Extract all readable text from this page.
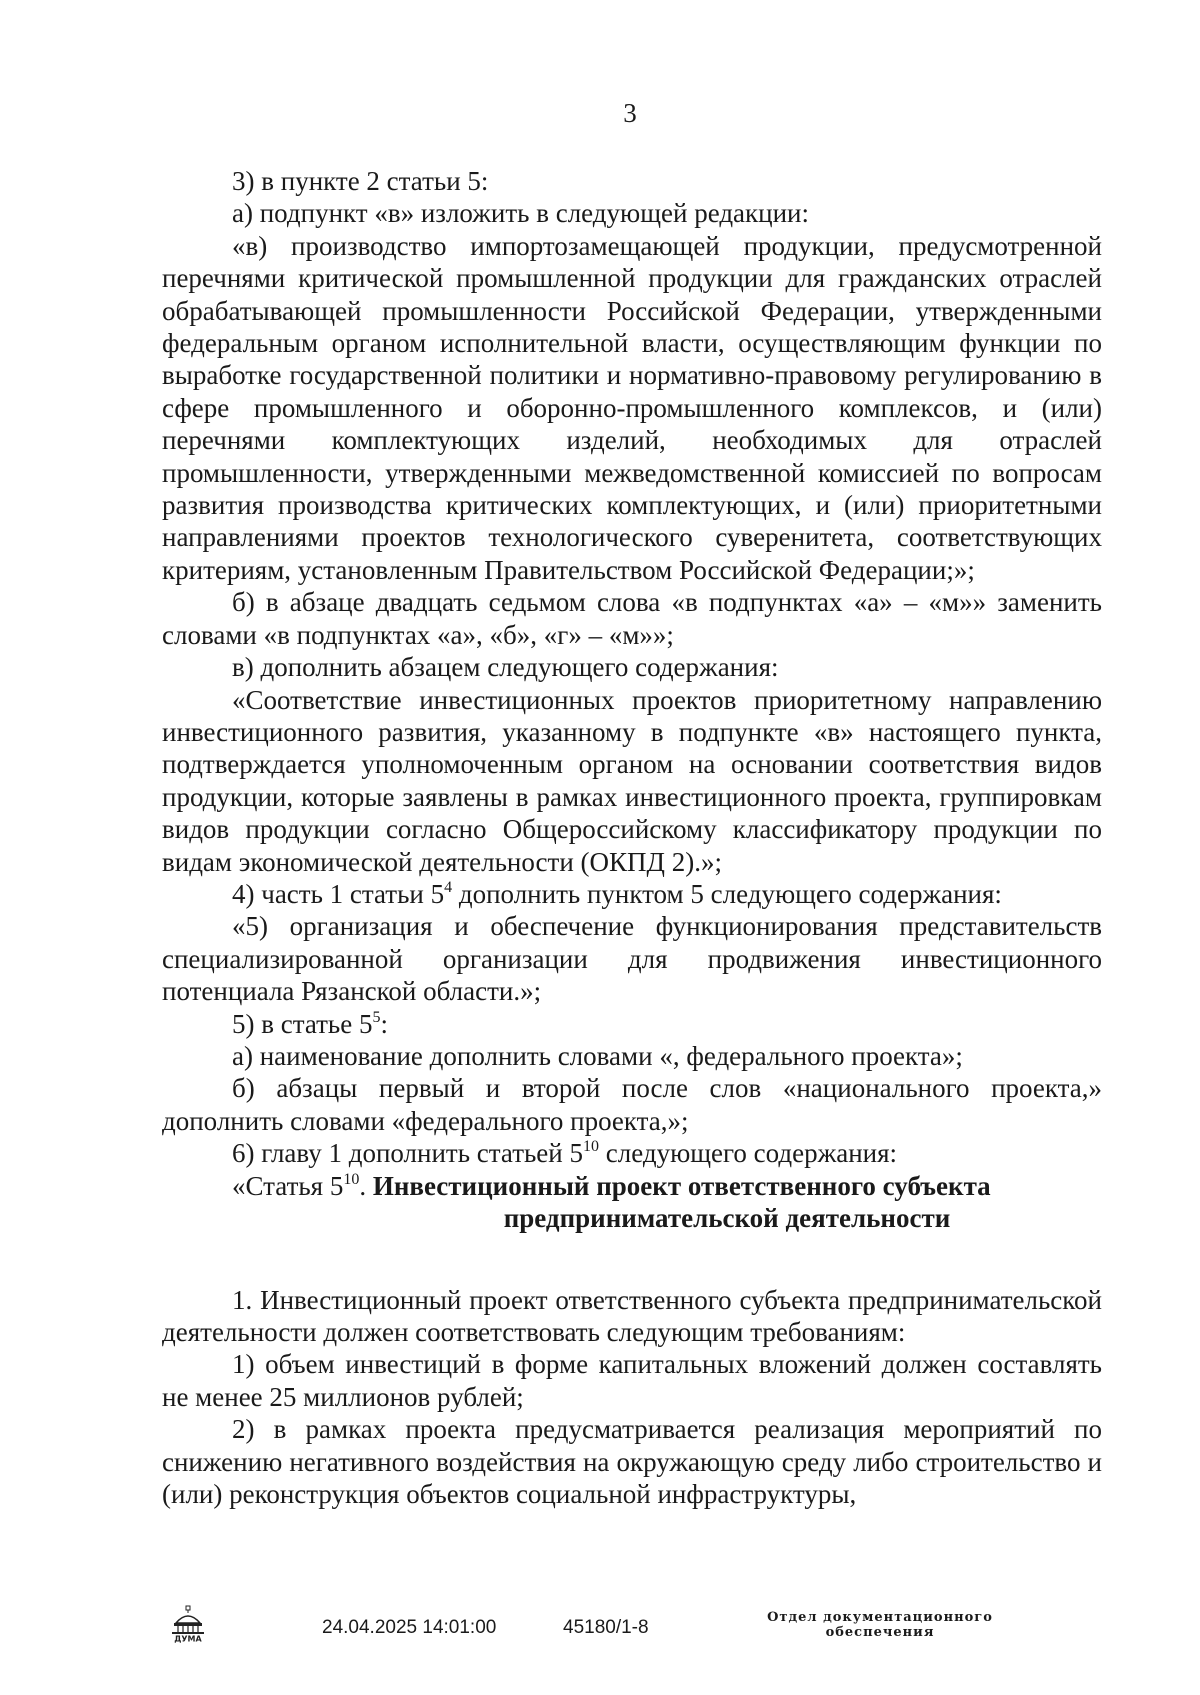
3

3) в пункте 2 статьи 5:

а) подпункт «в» изложить в следующей редакции:

«в) производство импортозамещающей продукции, предусмотренной перечнями критической промышленной продукции для гражданских отраслей обрабатывающей промышленности Российской Федерации, утвержденными федеральным органом исполнительной власти, осуществляющим функции по выработке государственной политики и нормативно-правовому регулированию в сфере промышленного и оборонно-промышленного комплексов, и (или) перечнями комплектующих изделий, необходимых для отраслей промышленности, утвержденными межведомственной комиссией по вопросам развития производства критических комплектующих, и (или) приоритетными направлениями проектов технологического суверенитета, соответствующих критериям, установленным Правительством Российской Федерации;»;

б) в абзаце двадцать седьмом слова «в подпунктах «а» – «м»» заменить словами «в подпунктах «а», «б», «г» – «м»»;

в) дополнить абзацем следующего содержания:

«Соответствие инвестиционных проектов приоритетному направлению инвестиционного развития, указанному в подпункте «в» настоящего пункта, подтверждается уполномоченным органом на основании соответствия видов продукции, которые заявлены в рамках инвестиционного проекта, группировкам видов продукции согласно Общероссийскому классификатору продукции по видам экономической деятельности (ОКПД 2).»;

4) часть 1 статьи $5^4$ дополнить пунктом 5 следующего содержания:

«5) организация и обеспечение функционирования представительств специализированной организации для продвижения инвестиционного потенциала Рязанской области.»;

5) в статье $5^5$:

а) наименование дополнить словами «, федерального проекта»;

б) абзацы первый и второй после слов «национального проекта,» дополнить словами «федерального проекта,»;

6) главу 1 дополнить статьей $5^{10}$ следующего содержания:

«Статья $5^{10}$. Инвестиционный проект ответственного субъекта

предпринимательской деятельности

1. Инвестиционный проект ответственного субъекта предпринимательской деятельности должен соответствовать следующим требованиям:

1) объем инвестиций в форме капитальных вложений должен составлять не менее 25 миллионов рублей;

2) в рамках проекта предусматривается реализация мероприятий по снижению негативного воздействия на окружающую среду либо строительство и (или) реконструкция объектов социальной инфраструктуры,

ДУМА
24.04.2025 14:01:00	45180/1-8	Отдел документационного
обеспечения
